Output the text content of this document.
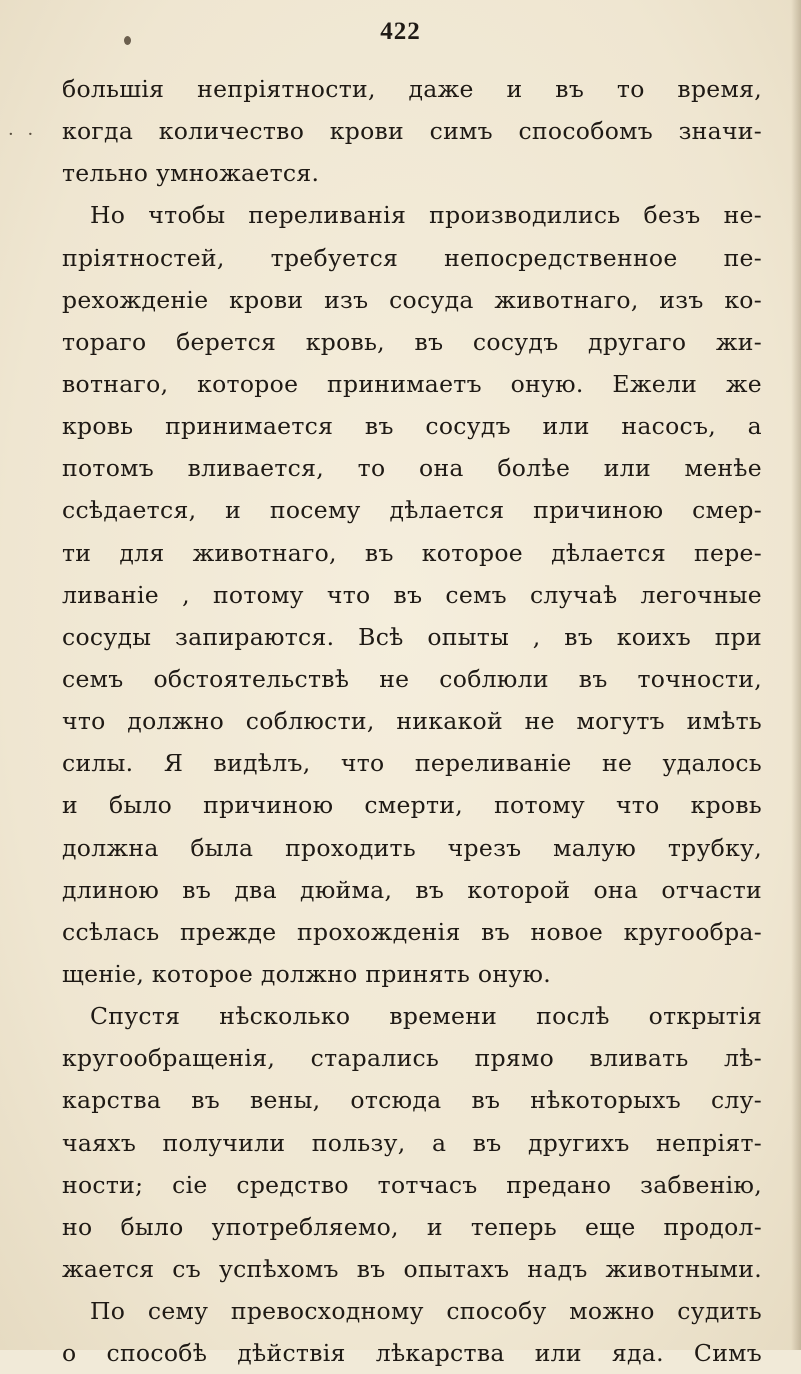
· ·
422
большія непріятности, даже и въ то время,
когда количество крови симъ способомъ значи-
тельно умножается.
Но чтобы переливанія производились безъ не-
пріятностей, требуется непосредственное пе-
рехожденіе крови изъ сосуда животнаго, изъ ко-
тораго берется кровь, въ сосудъ другаго жи-
вотнаго, которое принимаетъ оную. Ежели же
кровь принимается въ сосудъ или насосъ, а
потомъ вливается, то она болѣе или менѣе
ссѣдается, и посему дѣлается причиною смер-
ти для животнаго, въ которое дѣлается пере-
ливаніе , потому что въ семъ случаѣ легочные
сосуды запираются. Всѣ опыты , въ коихъ при
семъ обстоятельствѣ не соблюли въ точности,
что должно соблюсти, никакой не могутъ имѣть
силы. Я видѣлъ, что переливаніе не удалось
и было причиною смерти, потому что кровь
должна была проходить чрезъ малую трубку,
длиною въ два дюйма, въ которой она отчасти
ссѣлась прежде прохожденія въ новое кругообра-
щеніе, которое должно принять оную.
Спустя нѣсколько времени послѣ открытія
кругообращенія, старались прямо вливать лѣ-
карства въ вены, отсюда въ нѣкоторыхъ слу-
чаяхъ получили пользу, а въ другихъ непріят-
ности; сіе средство тотчасъ предано забвенію,
но было употребляемо, и теперь еще продол-
жается съ успѣхомъ въ опытахъ надъ животными.
По сему превосходному способу можно судить
о способѣ дѣйствія лѣкарства или яда. Симъ
